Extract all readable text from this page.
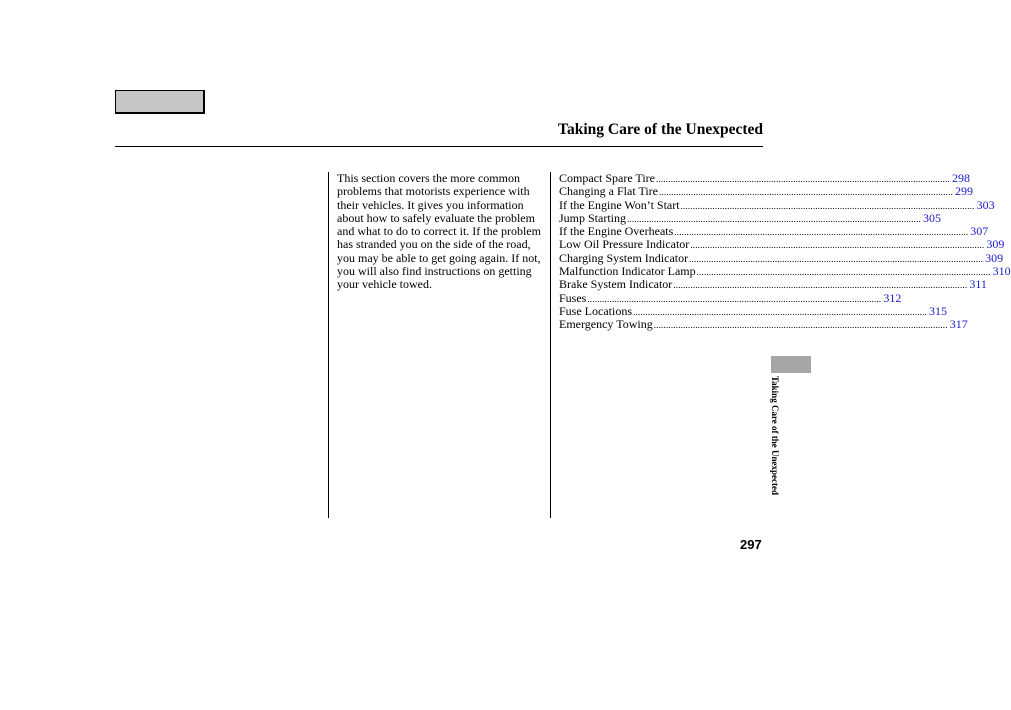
Taking Care of the Unexpected

This section covers the more common problems that motorists experience with their vehicles. It gives you information about how to safely evaluate the problem and what to do to correct it. If the problem has stranded you on the side of the road, you may be able to get going again. If not, you will also find instructions on getting your vehicle towed.

Compact Spare Tire ........................................................................................................................ 298
Changing a Flat Tire ........................................................................................................................ 299
If the Engine Won’t Start ........................................................................................................................ 303
Jump Starting ........................................................................................................................ 305
If the Engine Overheats ........................................................................................................................ 307
Low Oil Pressure Indicator ........................................................................................................................ 309
Charging System Indicator ........................................................................................................................ 309
Malfunction Indicator Lamp ........................................................................................................................ 310
Brake System Indicator ........................................................................................................................ 311
Fuses ........................................................................................................................ 312
Fuse Locations ........................................................................................................................ 315
Emergency Towing ........................................................................................................................ 317
Taking Care of the Unexpected
297
